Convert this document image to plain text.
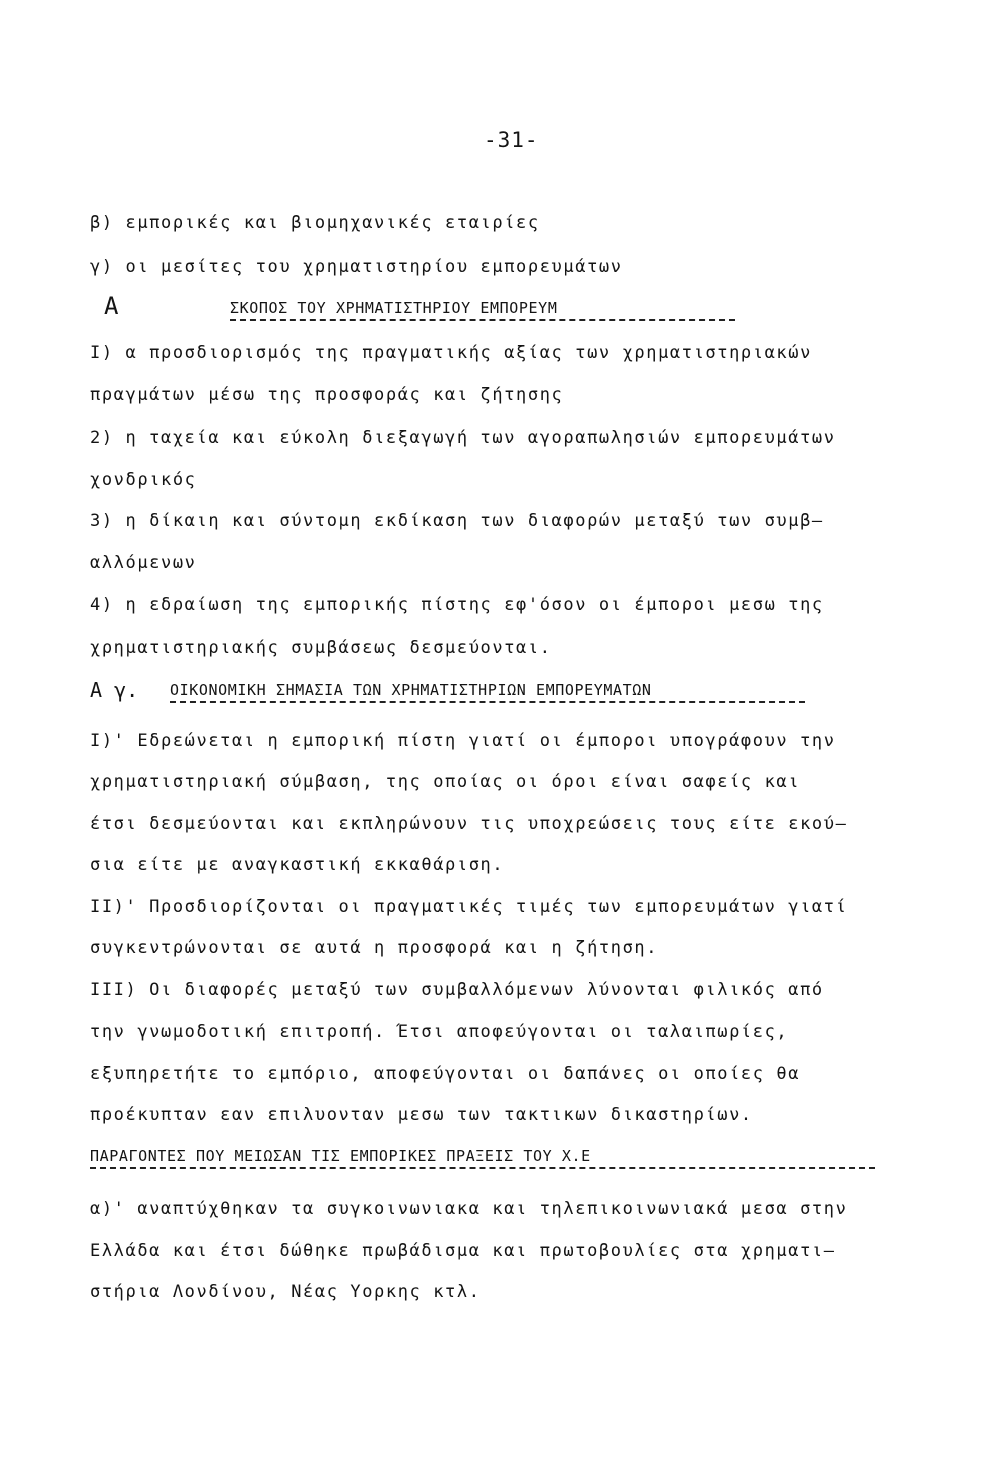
-31-
β) εμπορικές και βιομηχανικές εταιρίες
γ) οι μεσίτες του χρηματιστηρίου εμπορευμάτων
Α	ΣΚΟΠΟΣ ΤΟΥ ΧΡΗΜΑΤΙΣΤΗΡΙΟΥ ΕΜΠΟΡΕΥΜ
I) α προσδιορισμός της πραγματικής αξίας των χρηματιστηριακών
πραγμάτων μέσω της προσφοράς και ζήτησης
2) η ταχεία και εύκολη διεξαγωγή των αγοραπωλησιών εμπορευμάτων
χονδρικός
3) η δίκαιη και σύντομη εκδίκαση των διαφορών μεταξύ των συμβ–
αλλόμενων
4) η εδραίωση της εμπορικής πίστης εφ'όσον οι έμποροι μεσω της
χρηματιστηριακής συμβάσεως δεσμεύονται.
Α γ. ΟΙΚΟΝΟΜΙΚΗ ΣΗΜΑΣΙΑ ΤΩΝ ΧΡΗΜΑΤΙΣΤΗΡΙΩΝ ΕΜΠΟΡΕΥΜΑΤΩΝ
I)' Εδρεώνεται η εμπορική πίστη γιατί οι έμποροι υπογράφουν την
χρηματιστηριακή σύμβαση, της οποίας οι όροι είναι σαφείς και
έτσι δεσμεύονται και εκπληρώνουν τις υποχρεώσεις τους είτε εκού–
σια είτε με αναγκαστική εκκαθάριση.
II)' Προσδιορίζονται οι πραγματικές τιμές των εμπορευμάτων γιατί
συγκεντρώνονται σε αυτά η προσφορά και η ζήτηση.
III) Οι διαφορές μεταξύ των συμβαλλόμενων λύνονται φιλικός από
την γνωμοδοτική επιτροπή. Έτσι αποφεύγονται οι ταλαιπωρίες,
εξυπηρετήτε το εμπόριο, αποφεύγονται οι δαπάνες οι οποίες θα
προέκυπταν εαν επιλυονταν μεσω των τακτικων δικαστηρίων.
ΠΑΡΑΓΟΝΤΕΣ ΠΟΥ ΜΕΙΩΣΑΝ ΤΙΣ ΕΜΠΟΡΙΚΕΣ ΠΡΑΞΕΙΣ ΤΟΥ Χ.Ε
α)' αναπτύχθηκαν τα συγκοινωνιακα και τηλεπικοινωνιακά μεσα στην
Ελλάδα και έτσι δώθηκε πρωβάδισμα και πρωτοβουλίες στα χρηματι–
στήρια Λονδίνου, Νέας Υορκης κτλ.
